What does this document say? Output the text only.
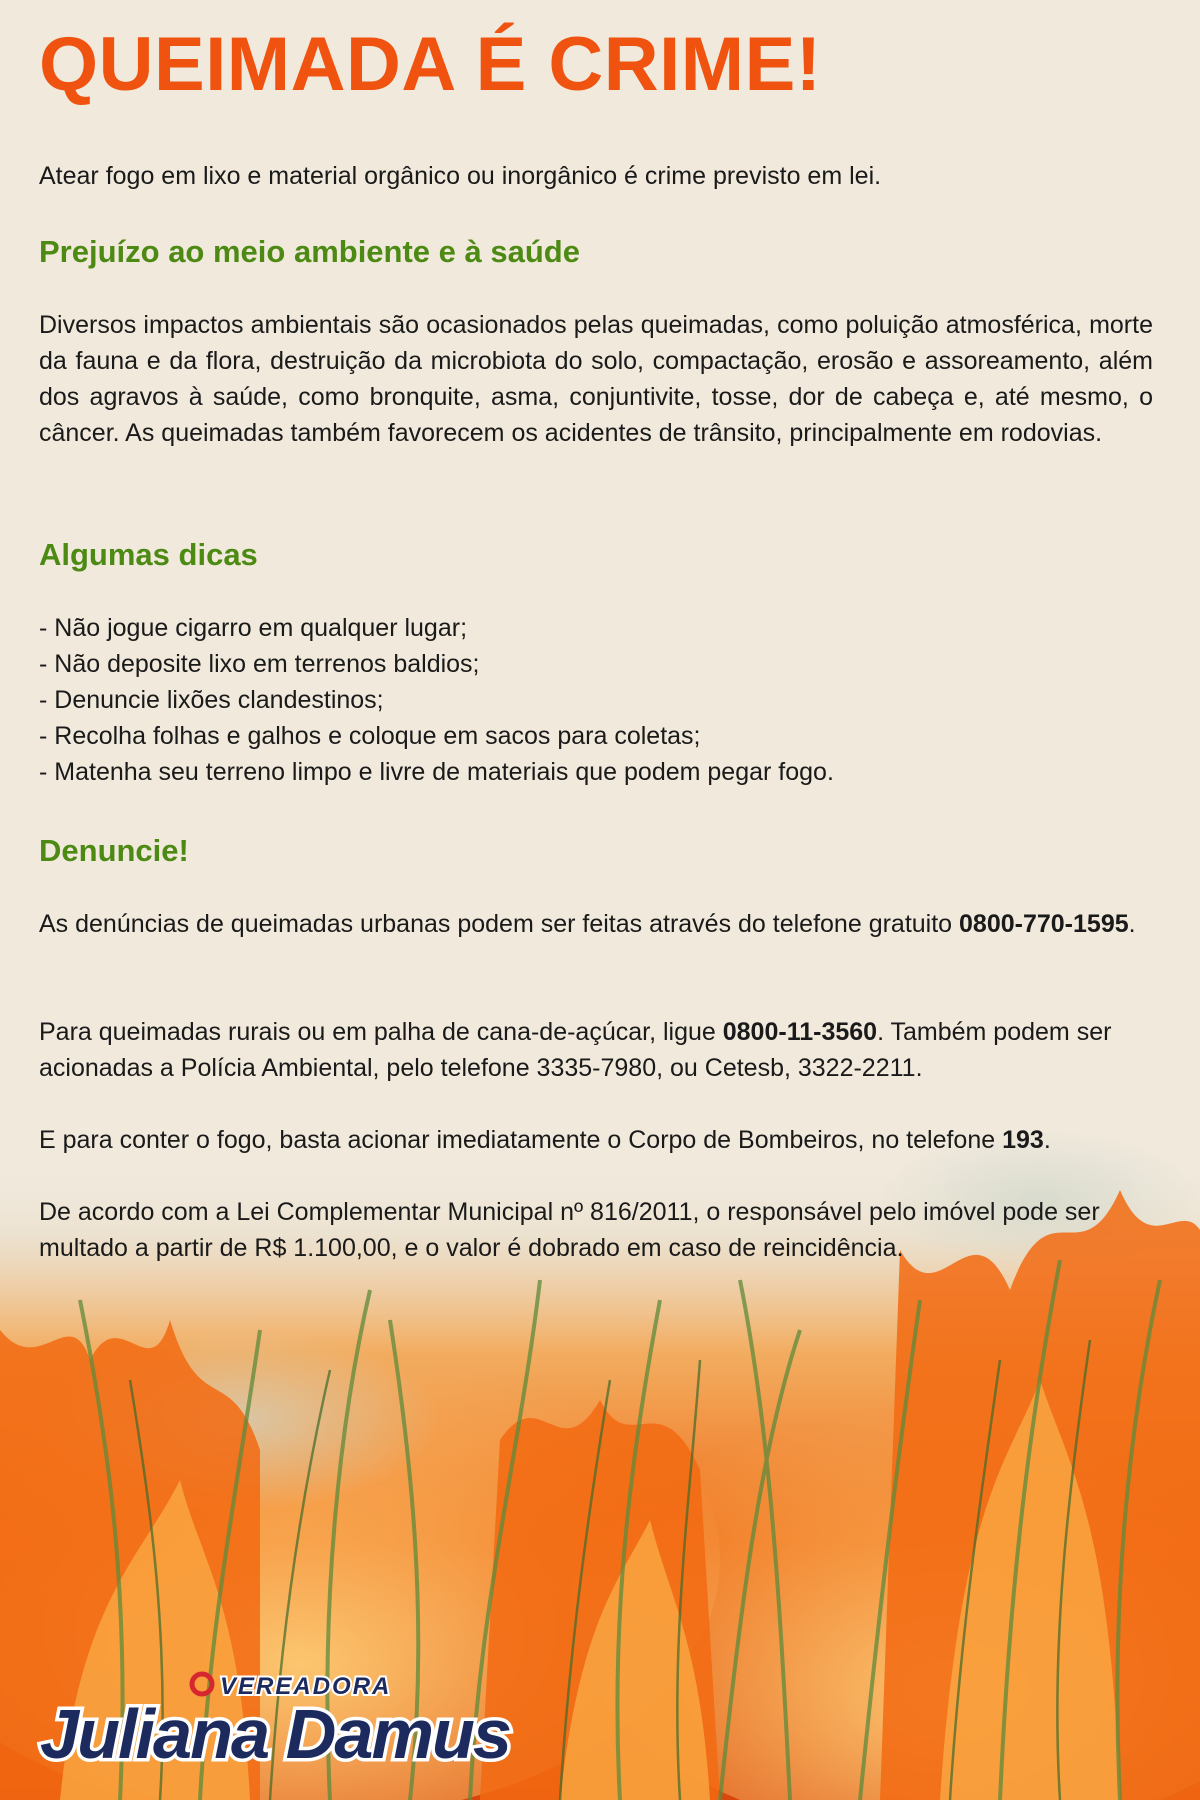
QUEIMADA É CRIME!

Atear fogo em lixo e material orgânico ou inorgânico é crime previsto em lei.

Prejuízo ao meio ambiente e à saúde

Diversos impactos ambientais são ocasionados pelas queimadas, como poluição atmosférica, morte da fauna e da flora, destruição da microbiota do solo, compactação, erosão e assoreamento, além dos agravos à saúde, como bronquite, asma, conjuntivite, tosse, dor de cabeça e, até mesmo, o câncer. As queimadas também favorecem os acidentes de trânsito, principalmente em rodovias.

Algumas dicas
- Não jogue cigarro em qualquer lugar;
- Não deposite lixo em terrenos baldios;
- Denuncie lixões clandestinos;
- Recolha folhas e galhos e coloque em sacos para coletas;
- Matenha seu terreno limpo e livre de materiais que podem pegar fogo.
Denuncie!

As denúncias de queimadas urbanas podem ser feitas através do telefone gratuito 0800-770-1595.

Para queimadas rurais ou em palha de cana-de-açúcar, ligue 0800-11-3560. Também podem ser acionadas a Polícia Ambiental, pelo telefone 3335-7980, ou Cetesb, 3322-2211.

E para conter o fogo, basta acionar imediatamente o Corpo de Bombeiros, no telefone 193.

De acordo com a Lei Complementar Municipal nº 816/2011, o responsável pelo imóvel pode ser multado a partir de R$ 1.100,00, e o valor é dobrado em caso de reincidência.

VEREADORA
Juliana Damus
